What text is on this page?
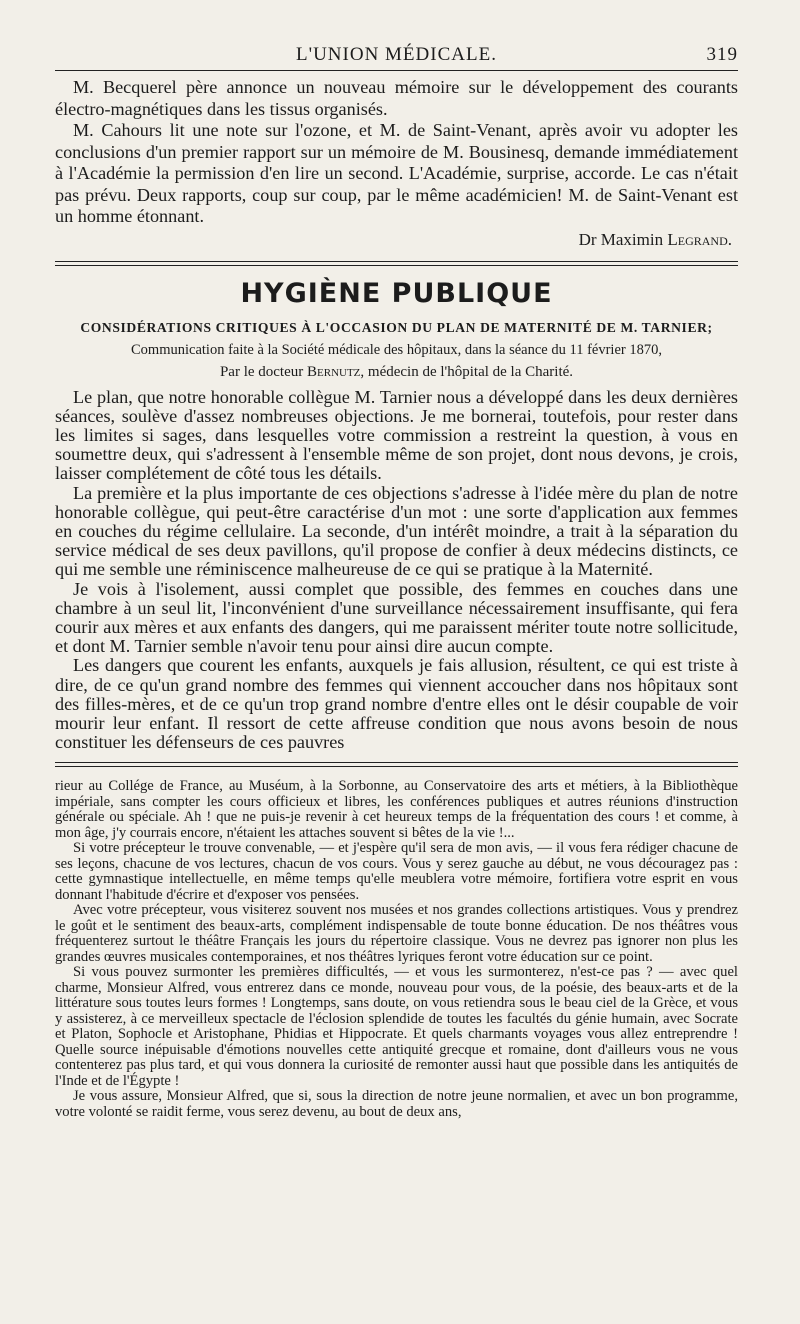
L'UNION MÉDICALE.	319

M. Becquerel père annonce un nouveau mémoire sur le développement des courants électro-magnétiques dans les tissus organisés.

M. Cahours lit une note sur l'ozone, et M. de Saint-Venant, après avoir vu adopter les conclusions d'un premier rapport sur un mémoire de M. Bousinesq, demande immédiatement à l'Académie la permission d'en lire un second. L'Académie, surprise, accorde. Le cas n'était pas prévu. Deux rapports, coup sur coup, par le même académicien! M. de Saint-Venant est un homme étonnant.

Dr Maximin Legrand.
HYGIÈNE PUBLIQUE
CONSIDÉRATIONS CRITIQUES À L'OCCASION DU PLAN DE MATERNITÉ DE M. TARNIER;
Communication faite à la Société médicale des hôpitaux, dans la séance du 11 février 1870,
Par le docteur Bernutz, médecin de l'hôpital de la Charité.

Le plan, que notre honorable collègue M. Tarnier nous a développé dans les deux dernières séances, soulève d'assez nombreuses objections. Je me bornerai, toutefois, pour rester dans les limites si sages, dans lesquelles votre commission a restreint la question, à vous en soumettre deux, qui s'adressent à l'ensemble même de son projet, dont nous devons, je crois, laisser complétement de côté tous les détails.

La première et la plus importante de ces objections s'adresse à l'idée mère du plan de notre honorable collègue, qui peut-être caractérise d'un mot : une sorte d'application aux femmes en couches du régime cellulaire. La seconde, d'un intérêt moindre, a trait à la séparation du service médical de ses deux pavillons, qu'il propose de confier à deux médecins distincts, ce qui me semble une réminiscence malheureuse de ce qui se pratique à la Maternité.

Je vois à l'isolement, aussi complet que possible, des femmes en couches dans une chambre à un seul lit, l'inconvénient d'une surveillance nécessairement insuffisante, qui fera courir aux mères et aux enfants des dangers, qui me paraissent mériter toute notre sollicitude, et dont M. Tarnier semble n'avoir tenu pour ainsi dire aucun compte.

Les dangers que courent les enfants, auxquels je fais allusion, résultent, ce qui est triste à dire, de ce qu'un grand nombre des femmes qui viennent accoucher dans nos hôpitaux sont des filles-mères, et de ce qu'un trop grand nombre d'entre elles ont le désir coupable de voir mourir leur enfant. Il ressort de cette affreuse condition que nous avons besoin de nous constituer les défenseurs de ces pauvres

rieur au Collége de France, au Muséum, à la Sorbonne, au Conservatoire des arts et métiers, à la Bibliothèque impériale, sans compter les cours officieux et libres, les conférences publiques et autres réunions d'instruction générale ou spéciale. Ah ! que ne puis-je revenir à cet heureux temps de la fréquentation des cours ! et comme, à mon âge, j'y courrais encore, n'étaient les attaches souvent si bêtes de la vie !...

Si votre précepteur le trouve convenable, — et j'espère qu'il sera de mon avis, — il vous fera rédiger chacune de ses leçons, chacune de vos lectures, chacun de vos cours. Vous y serez gauche au début, ne vous découragez pas : cette gymnastique intellectuelle, en même temps qu'elle meublera votre mémoire, fortifiera votre esprit en vous donnant l'habitude d'écrire et d'exposer vos pensées.

Avec votre précepteur, vous visiterez souvent nos musées et nos grandes collections artistiques. Vous y prendrez le goût et le sentiment des beaux-arts, complément indispensable de toute bonne éducation. De nos théâtres vous fréquenterez surtout le théâtre Français les jours du répertoire classique. Vous ne devrez pas ignorer non plus les grandes œuvres musicales contemporaines, et nos théâtres lyriques feront votre éducation sur ce point.

Si vous pouvez surmonter les premières difficultés, — et vous les surmonterez, n'est-ce pas ? — avec quel charme, Monsieur Alfred, vous entrerez dans ce monde, nouveau pour vous, de la poésie, des beaux-arts et de la littérature sous toutes leurs formes ! Longtemps, sans doute, on vous retiendra sous le beau ciel de la Grèce, et vous y assisterez, à ce merveilleux spectacle de l'éclosion splendide de toutes les facultés du génie humain, avec Socrate et Platon, Sophocle et Aristophane, Phidias et Hippocrate. Et quels charmants voyages vous allez entreprendre ! Quelle source inépuisable d'émotions nouvelles cette antiquité grecque et romaine, dont d'ailleurs vous ne vous contenterez pas plus tard, et qui vous donnera la curiosité de remonter aussi haut que possible dans les antiquités de l'Inde et de l'Égypte !

Je vous assure, Monsieur Alfred, que si, sous la direction de notre jeune normalien, et avec un bon programme, votre volonté se raidit ferme, vous serez devenu, au bout de deux ans,
